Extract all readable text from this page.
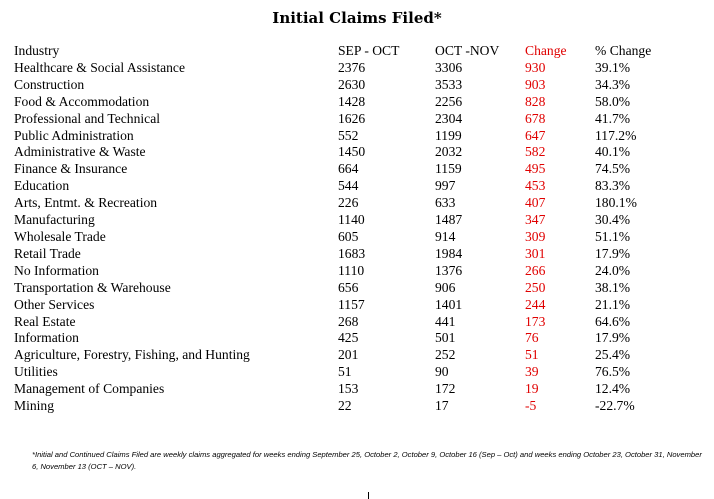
Initial Claims Filed*
Industry	SEP - OCT	OCT -NOV	Change	% Change
Healthcare & Social Assistance	2376	3306	930	39.1%
Construction	2630	3533	903	34.3%
Food & Accommodation	1428	2256	828	58.0%
Professional and Technical	1626	2304	678	41.7%
Public Administration	552	1199	647	117.2%
Administrative & Waste	1450	2032	582	40.1%
Finance & Insurance	664	1159	495	74.5%
Education	544	997	453	83.3%
Arts, Entmt. & Recreation	226	633	407	180.1%
Manufacturing	1140	1487	347	30.4%
Wholesale Trade	605	914	309	51.1%
Retail Trade	1683	1984	301	17.9%
No Information	1110	1376	266	24.0%
Transportation & Warehouse	656	906	250	38.1%
Other Services	1157	1401	244	21.1%
Real Estate	268	441	173	64.6%
Information	425	501	76	17.9%
Agriculture, Forestry, Fishing, and Hunting	201	252	51	25.4%
Utilities	51	90	39	76.5%
Management of Companies	153	172	19	12.4%
Mining	22	17	-5	-22.7%
*Initial and Continued Claims Filed are weekly claims aggregated for weeks ending September 25, October 2, October 9, October 16 (Sep – Oct) and weeks ending October 23, October 31, November 6, November 13 (OCT – NOV).
